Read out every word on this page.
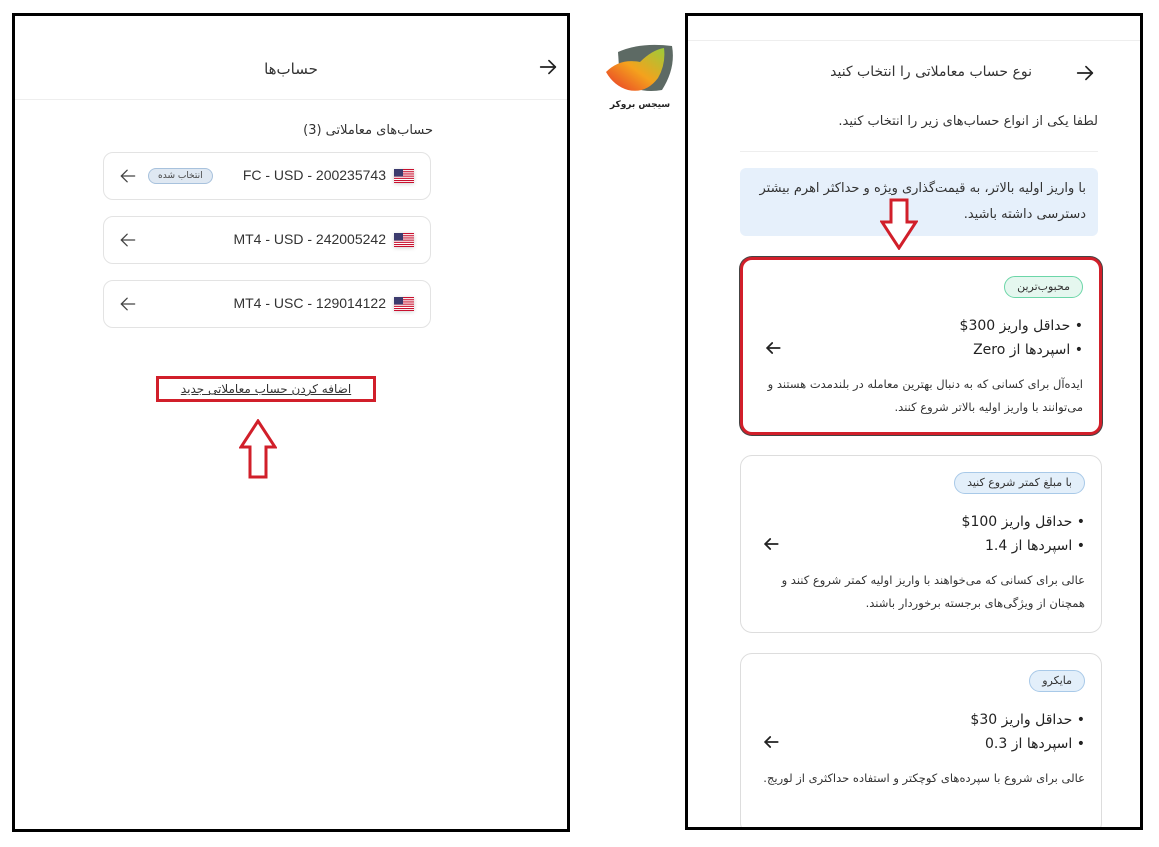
حساب‌ها
حساب‌های معاملاتی (3)
FC - USD - 200235743
انتخاب شده
MT4 - USD - 242005242
MT4 - USC - 129014122
اضافه کردن حساب معاملاتی جدید
سیجس بروکر
نوع حساب معاملاتی را انتخاب کنید
لطفا یکی از انواع حساب‌های زیر را انتخاب کنید.
با واریز اولیه بالاتر، به قیمت‌گذاری ویژه و حداکثر اهرم بیشتر دسترسی داشته باشید.
محبوب‌ترین
• حداقل واریز 300$
• اسپردها از Zero
ایده‌آل برای کسانی که به دنبال بهترین معامله در بلندمدت هستند و می‌توانند با واریز اولیه بالاتر شروع کنند.
با مبلغ کمتر شروع کنید
• حداقل واریز 100$
• اسپردها از 1.4
عالی برای کسانی که می‌خواهند با واریز اولیه کمتر شروع کنند و همچنان از ویژگی‌های برجسته برخوردار باشند.
مایکرو
• حداقل واریز 30$
• اسپردها از 0.3
عالی برای شروع با سپرده‌های کوچکتر و استفاده حداکثری از لوریج.
